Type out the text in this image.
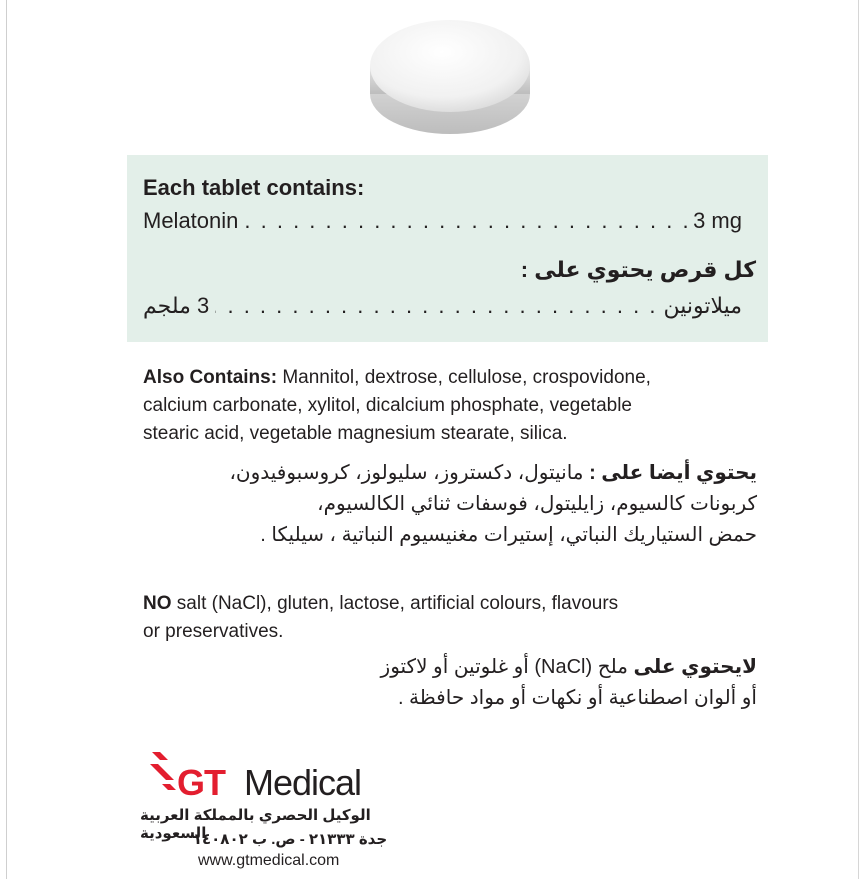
Each tablet contains:
Melatonin
. . .	3 mg
كل قرص يحتوي على :
ميلاتونين
. . .
3 ملجم
Also Contains: Mannitol, dextrose, cellulose, crospovidone,
calcium carbonate, xylitol, dicalcium phosphate, vegetable
stearic acid, vegetable magnesium stearate, silica.
يحتوي أيضا على : مانيتول، دكستروز، سليولوز، كروسبوفيدون،
كربونات كالسيوم، زايليتول، فوسفات ثنائي الكالسيوم،
حمض الستياريك النباتي، إستيرات مغنيسيوم النباتية ، سيليكا .
NO salt (NaCl), gluten, lactose, artificial colours, flavours
or preservatives.
لايحتوي على ملح (NaCl) أو غلوتين أو لاكتوز
أو ألوان اصطناعية أو نكهات أو مواد حافظة .
GT Medical
الوكيل الحصري بالمملكة العربية السعودية
جدة ٢١٣٣٣ - ص. ب ١٤٠٨٠٢
www.gtmedical.com
